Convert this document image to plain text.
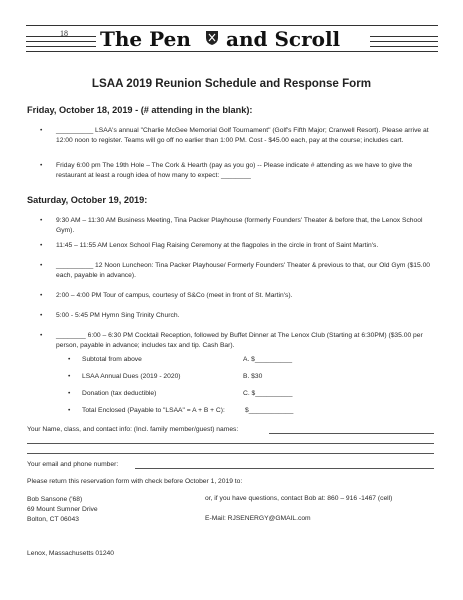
18 The Pen and Scroll
LSAA 2019 Reunion Schedule and Response Form
Friday, October 18, 2019 - (# attending in the blank):
• __________ LSAA's annual "Charlie McGee Memorial Golf Tournament" (Golf's Fifth Major; Cranwell Resort). Please arrive at 12:00 noon to register. Teams will go off no earlier than 1:00 PM. Cost - $45.00 each, pay at the course; includes cart.
• Friday 6:00 pm The 19th Hole – The Cork & Hearth (pay as you go) -- Please indicate # attending as we have to give the restaurant at least a rough idea of how many to expect: ________
Saturday, October 19, 2019:
• 9:30 AM – 11:30 AM Business Meeting, Tina Packer Playhouse (formerly Founders' Theater & before that, the Lenox School Gym).
• 11:45 – 11:55 AM Lenox School Flag Raising Ceremony at the flagpoles in the circle in front of Saint Martin's.
• __________ 12 Noon Luncheon: Tina Packer Playhouse/ Formerly Founders' Theater & previous to that, our Old Gym ($15.00 each, payable in advance).
• 2:00 – 4:00 PM Tour of campus, courtesy of S&Co (meet in front of St. Martin's).
• 5:00 - 5:45 PM Hymn Sing Trinity Church.
• ________ 6:00 – 6:30 PM Cocktail Reception, followed by Buffet Dinner at The Lenox Club (Starting at 6:30PM) ($35.00 per person, payable in advance; includes tax and tip. Cash Bar).
• Subtotal from above	A. $__________
• LSAA Annual Dues (2019 - 2020)	B. $30
• Donation (tax deductible)	C. $__________
• Total Enclosed (Payable to "LSAA" = A + B + C):	$____________
Your Name, class, and contact info: (Incl. family member/guest) names:
Your email and phone number:
Please return this reservation form with check before October 1, 2019 to:
Bob Sansone ('68)
69 Mount Sumner Drive
Bolton, CT 06043
or, if you have questions, contact Bob at: 860 – 916 -1467 (cell)
E-Mail: RJSENERGY@GMAIL.com
Lenox, Massachusetts 01240
